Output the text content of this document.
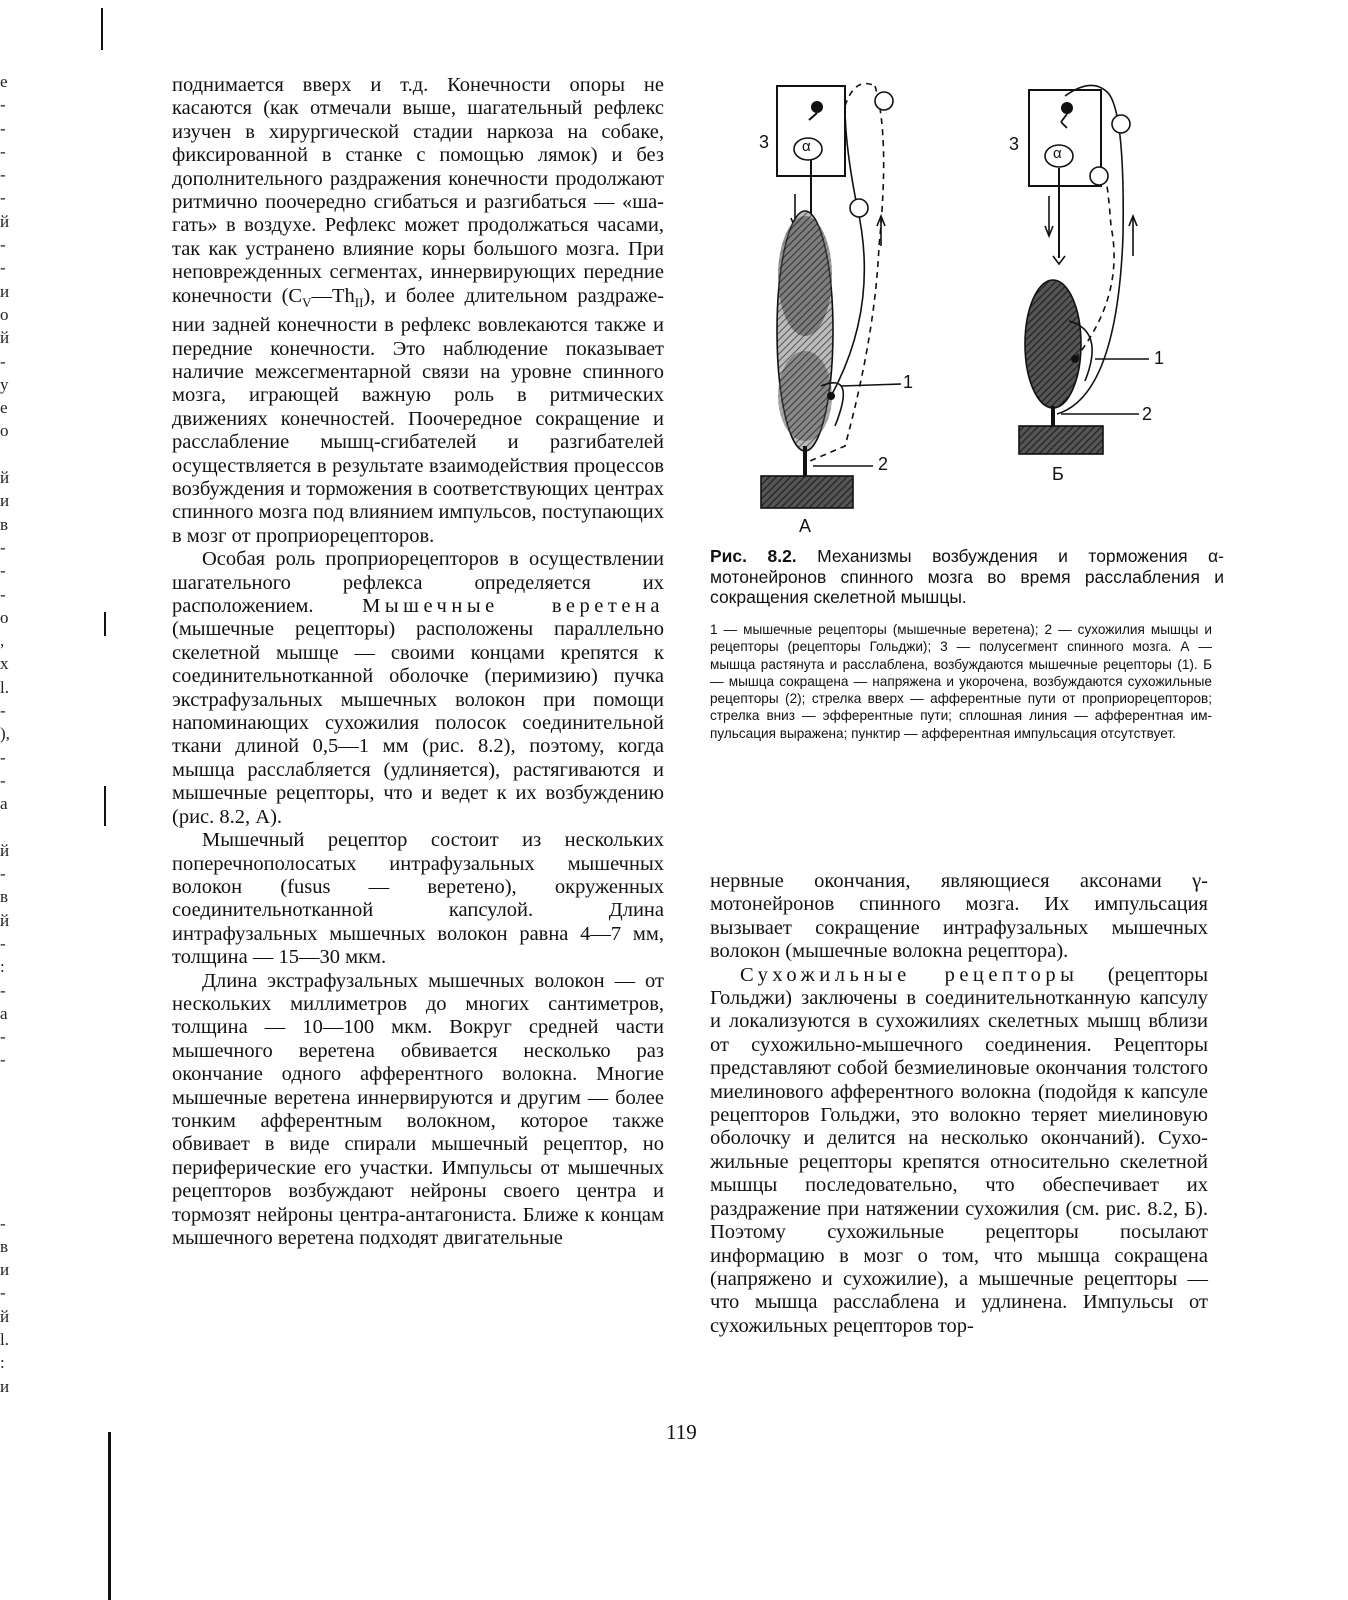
е
-
-
-
-
-
й
-
-
и
о
й
-
у
е
о
й
и
в
-
-
-
о
,
х
l.
-
),
-
-
а
й
-
в
й
-
:
-
а
-
-
-
в
и
-
й
l.
:
и

поднимается вверх и т.д. Конечности опоры не касаются (как отмечали выше, шагательный рефлекс изучен в хирургической стадии наркоза на собаке, фиксированной в станке с помощью лямок) и без дополнительного раздражения конечности продолжают ритмично поочередно сгибаться и разгибаться — «шагать» в воздухе. Рефлекс может продолжаться часами, так как устранено влияние коры большого мозга. При неповрежденных сегментах, иннервирующих передние конечности $(C_V—Th_{II})$, и более длительном раздражении задней конечности в рефлекс вовлекаются также и передние конечности. Это наблюдение показывает наличие межсегментарной связи на уровне спинного мозга, играющей важную роль в ритмических движениях конечностей. Поочередное сокращение и расслабление мышц-сгибателей и разгибателей осуществляется в результате взаимодействия процессов возбуждения и торможения в соответствующих центрах спинного мозга под влиянием импульсов, поступающих в мозг от проприорецепторов.

Особая роль проприорецепторов в осуществлении шагательного рефлекса определяется их расположением. Мышечные веретена (мышечные рецепторы) расположены параллельно скелетной мышце — своими концами крепятся к соединительнотканной оболочке (перимизию) пучка экстрафузальных мышечных волокон при помощи напоминающих сухожилия полосок соединительной ткани длиной 0,5—1 мм (рис. 8.2), поэтому, когда мышца расслабляется (удлиняется), растягиваются и мышечные рецепторы, что и ведет к их возбуждению (рис. 8.2, А).

Мышечный рецептор состоит из нескольких поперечнополосатых интрафузальных мышечных волокон (fusus — веретено), окруженных соединительнотканной капсулой. Длина интрафузальных мышечных волокон равна 4—7 мм, толщина — 15—30 мкм.

Длина экстрафузальных мышечных волокон — от нескольких миллиметров до многих сантиметров, толщина — 10—100 мкм. Вокруг средней части мышечного веретена обвивается несколько раз окончание одного афферентного волокна. Многие мышечные веретена иннервируются и другим — более тонким афферентным волокном, которое также обвивает в виде спирали мышечный рецептор, но периферические его участки. Импульсы от мышечных рецепторов возбуждают нейроны своего центра и тормозят нейроны центра-антагониста. Ближе к концам мышечного веретена подходят двигательные

3 α
1
2
А
3 α
1
2
Б
Рис. 8.2. Механизмы возбуждения и торможения α-мотонейронов спинного мозга во время расслабления и сокращения скелетной мышцы.
1 — мышечные рецепторы (мышечные веретена); 2 — сухожилия мышцы и рецепторы (рецепторы Гольджи); 3 — полусегмент спинного мозга. А — мышца растянута и расслаблена, возбуждаются мышечные рецепторы (1). Б — мышца сокращена — напряжена и укорочена, возбуждаются сухожильные рецепторы (2); стрелка вверх — афферентные пути от проприорецепторов; стрелка вниз — эфферентные пути; сплошная линия — афферентная импульсация выражена; пунктир — афферентная импульсация отсутствует.

нервные окончания, являющиеся аксонами γ-мотонейронов спинного мозга. Их импульсация вызывает сокращение интрафузальных мышечных волокон (мышечные волокна рецептора).

Сухожильные рецепторы (рецепторы Гольджи) заключены в соединительнотканную капсулу и локализуются в сухожилиях скелетных мышц вблизи от сухожильно-мышечного соединения. Рецепторы представляют собой безмиелиновые окончания толстого миелинового афферентного волокна (подойдя к капсуле рецепторов Гольджи, это волокно теряет миелиновую оболочку и делится на несколько окончаний). Сухожильные рецепторы крепятся относительно скелетной мышцы последовательно, что обеспечивает их раздражение при натяжении сухожилия (см. рис. 8.2, Б). Поэтому сухожильные рецепторы посылают информацию в мозг о том, что мышца сокращена (напряжено и сухожилие), а мышечные рецепторы — что мышца расслаблена и удлинена. Импульсы от сухожильных рецепторов тор-

119
